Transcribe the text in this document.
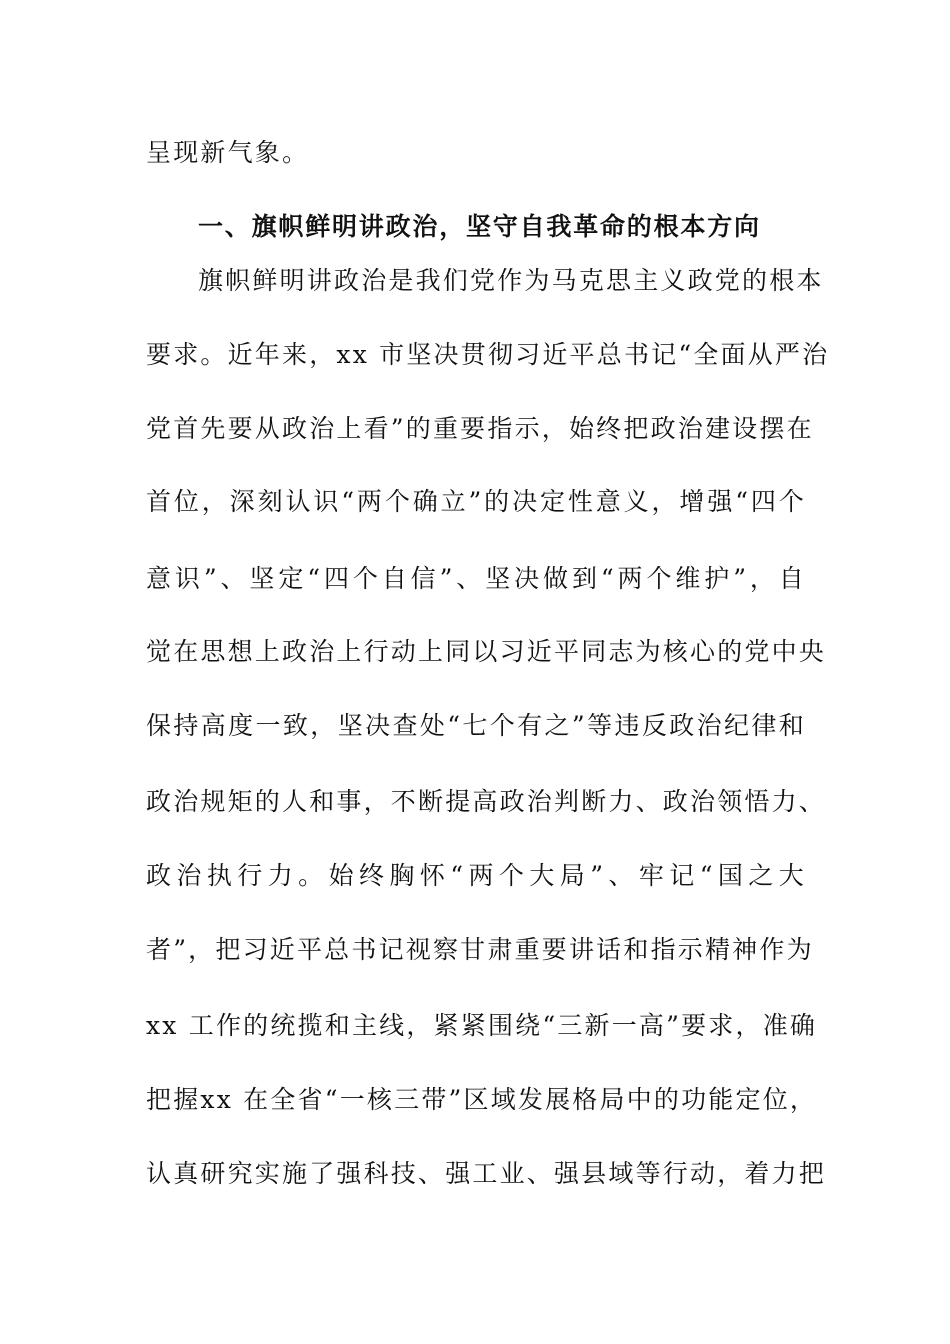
呈现新气象。
一、旗帜鲜明讲政治，坚守自我革命的根本方向
旗帜鲜明讲政治是我们党作为马克思主义政党的根本
要求。近年来，xx 市坚决贯彻习近平总书记“全面从严治
党首先要从政治上看”的重要指示，始终把政治建设摆在
首位，深刻认识“两个确立”的决定性意义，增强“四个
意识”、坚定“四个自信”、坚决做到“两个维护”，自
觉在思想上政治上行动上同以习近平同志为核心的党中央
保持高度一致，坚决查处“七个有之”等违反政治纪律和
政治规矩的人和事，不断提高政治判断力、政治领悟力、
政治执行力。始终胸怀“两个大局”、牢记“国之大
者”，把习近平总书记视察甘肃重要讲话和指示精神作为
xx 工作的统揽和主线，紧紧围绕“三新一高”要求，准确
把握xx 在全省“一核三带”区域发展格局中的功能定位，
认真研究实施了强科技、强工业、强县域等行动，着力把
